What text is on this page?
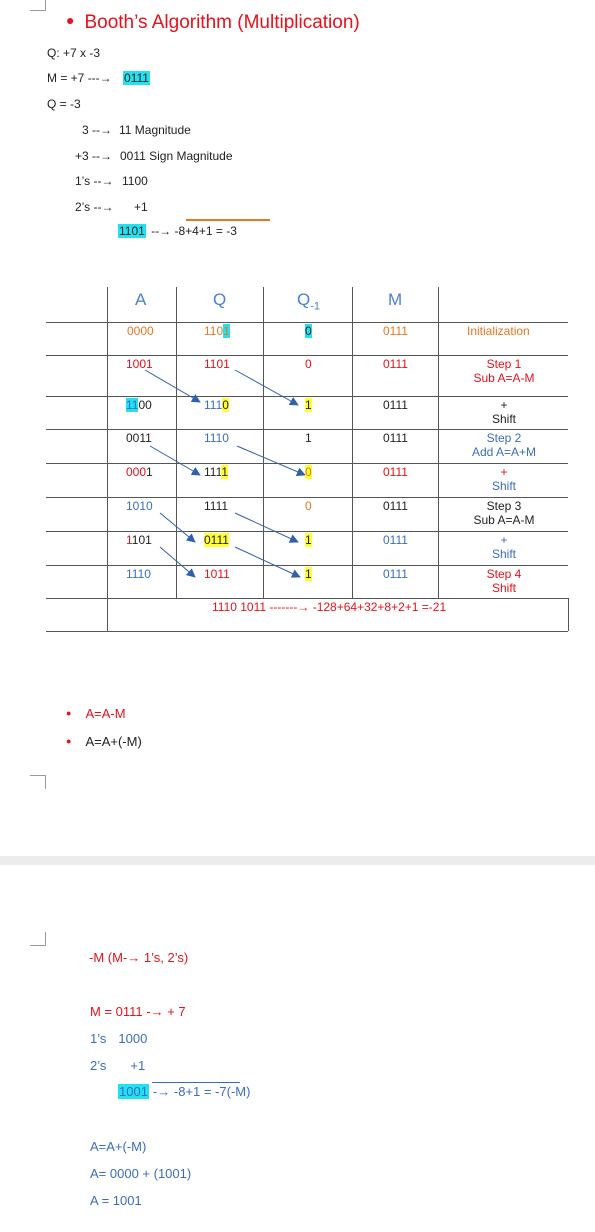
● Booth’s Algorithm (Multiplication)
Q: +7 x -3
M = +7 ---→ 0111
Q = -3
3 --→ 11 Magnitude
+3 --→ 0011 Sign Magnitude
1’s --→ 1100
2’s --→ +1
1101 --→ -8+4+1 = -3
A	Q	$Q_{-1}$	M
0000	1101	0	0111	Initialization
1001	1101	0	0111	Step 1
Sub A=A-M
1100	1110	1	0111	+
Shift
0011	1110	1	0111	Step 2
Add A=A+M
0001	1111	0	0111	+
Shift
1010	1111	0	0111	Step 3
Sub A=A-M
1101	0111	1	0111	+
Shift
1110	1011	1	0111	Step 4
Shift
1110 1011 -------→ -128+64+32+8+2+1 =-21
● A=A-M
● A=A+(-M)
-M (M-→ 1’s, 2’s)
M = 0111 -→ + 7
1’s 1000
2’s +1
1001 -→ -8+1 = -7(-M)
A=A+(-M)
A= 0000 + (1001)
A = 1001
